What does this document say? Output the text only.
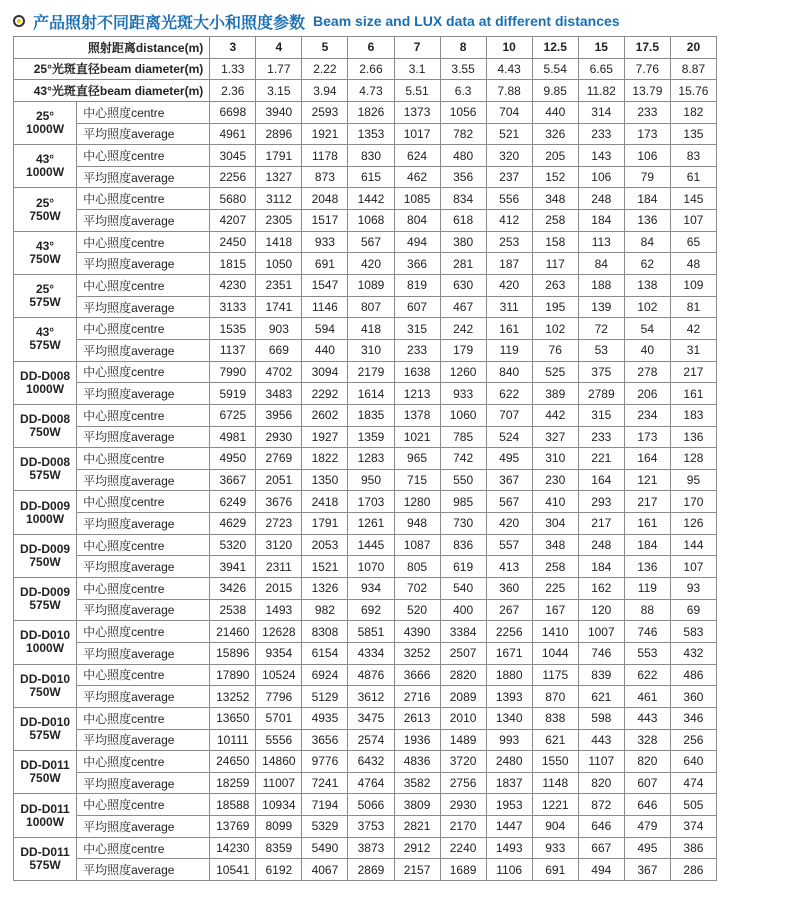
产品照射不同距离光斑大小和照度参数 Beam size and LUX data at different distances
照射距离distance(m)		3	4	5	6	7	8	10	12.5	15	17.5	20
25°光斑直径beam diameter(m)		1.33	1.77	2.22	2.66	3.1	3.55	4.43	5.54	6.65	7.76	8.87
43°光斑直径beam diameter(m)		2.36	3.15	3.94	4.73	5.51	6.3	7.88	9.85	11.82	13.79	15.76

25°
1000W	中心照度centre	6698	3940	2593	1826	1373	1056	704	440	314	233	182
	平均照度average	4961	2896	1921	1353	1017	782	521	326	233	173	135

43°
1000W	中心照度centre	3045	1791	1178	830	624	480	320	205	143	106	83
	平均照度average	2256	1327	873	615	462	356	237	152	106	79	61

25°
750W	中心照度centre	5680	3112	2048	1442	1085	834	556	348	248	184	145
	平均照度average	4207	2305	1517	1068	804	618	412	258	184	136	107

43°
750W	中心照度centre	2450	1418	933	567	494	380	253	158	113	84	65
	平均照度average	1815	1050	691	420	366	281	187	117	84	62	48

25°
575W	中心照度centre	4230	2351	1547	1089	819	630	420	263	188	138	109
	平均照度average	3133	1741	1146	807	607	467	311	195	139	102	81

43°
575W	中心照度centre	1535	903	594	418	315	242	161	102	72	54	42
	平均照度average	1137	669	440	310	233	179	119	76	53	40	31

DD-D008
1000W	中心照度centre	7990	4702	3094	2179	1638	1260	840	525	375	278	217
	平均照度average	5919	3483	2292	1614	1213	933	622	389	2789	206	161

DD-D008
750W	中心照度centre	6725	3956	2602	1835	1378	1060	707	442	315	234	183
	平均照度average	4981	2930	1927	1359	1021	785	524	327	233	173	136

DD-D008
575W	中心照度centre	4950	2769	1822	1283	965	742	495	310	221	164	128
	平均照度average	3667	2051	1350	950	715	550	367	230	164	121	95

DD-D009
1000W	中心照度centre	6249	3676	2418	1703	1280	985	567	410	293	217	170
	平均照度average	4629	2723	1791	1261	948	730	420	304	217	161	126

DD-D009
750W	中心照度centre	5320	3120	2053	1445	1087	836	557	348	248	184	144
	平均照度average	3941	2311	1521	1070	805	619	413	258	184	136	107

DD-D009
575W	中心照度centre	3426	2015	1326	934	702	540	360	225	162	119	93
	平均照度average	2538	1493	982	692	520	400	267	167	120	88	69

DD-D010
1000W	中心照度centre	21460	12628	8308	5851	4390	3384	2256	1410	1007	746	583
	平均照度average	15896	9354	6154	4334	3252	2507	1671	1044	746	553	432

DD-D010
750W	中心照度centre	17890	10524	6924	4876	3666	2820	1880	1175	839	622	486
	平均照度average	13252	7796	5129	3612	2716	2089	1393	870	621	461	360

DD-D010
575W	中心照度centre	13650	5701	4935	3475	2613	2010	1340	838	598	443	346
	平均照度average	10111	5556	3656	2574	1936	1489	993	621	443	328	256

DD-D011
750W	中心照度centre	24650	14860	9776	6432	4836	3720	2480	1550	1107	820	640
	平均照度average	18259	11007	7241	4764	3582	2756	1837	1148	820	607	474

DD-D011
1000W	中心照度centre	18588	10934	7194	5066	3809	2930	1953	1221	872	646	505
	平均照度average	13769	8099	5329	3753	2821	2170	1447	904	646	479	374

DD-D011
575W	中心照度centre	14230	8359	5490	3873	2912	2240	1493	933	667	495	386
	平均照度average	10541	6192	4067	2869	2157	1689	1106	691	494	367	286
